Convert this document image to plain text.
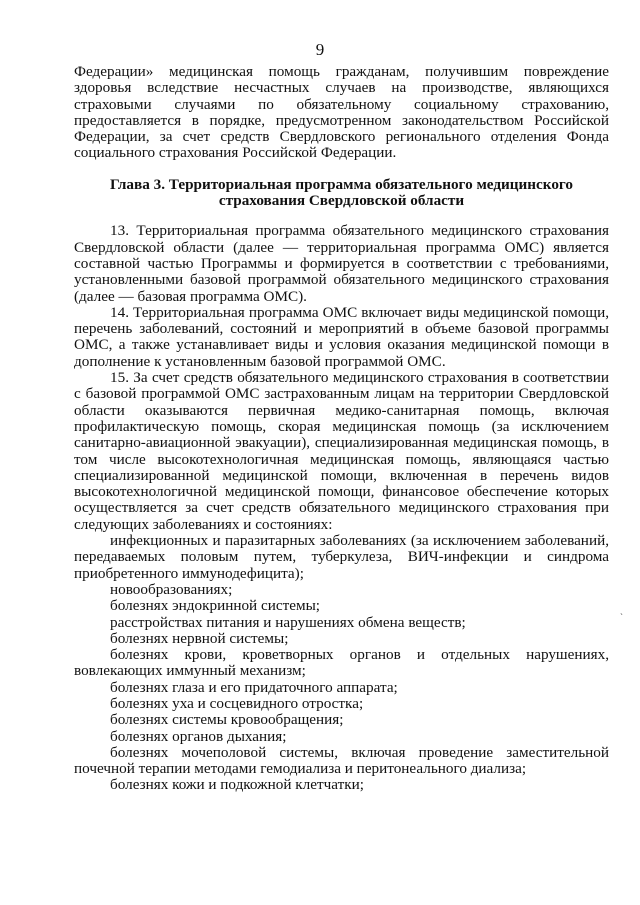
9

Федерации» медицинская помощь гражданам, получившим повреждение здоровья вследствие несчастных случаев на производстве, являющихся страховыми случаями по обязательному социальному страхованию, предоставляется в порядке, предусмотренном законодательством Российской Федерации, за счет средств Свердловского регионального отделения Фонда социального страхования Российской Федерации.

Глава 3. Территориальная программа обязательного медицинского
страхования Свердловской области

13. Территориальная программа обязательного медицинского страхования Свердловской области (далее — территориальная программа ОМС) является составной частью Программы и формируется в соответствии с требованиями, установленными базовой программой обязательного медицинского страхования (далее — базовая программа ОМС).

14. Территориальная программа ОМС включает виды медицинской помощи, перечень заболеваний, состояний и мероприятий в объеме базовой программы ОМС, а также устанавливает виды и условия оказания медицинской помощи в дополнение к установленным базовой программой ОМС.

15. За счет средств обязательного медицинского страхования в соответствии с базовой программой ОМС застрахованным лицам на территории Свердловской области оказываются первичная медико-санитарная помощь, включая профилактическую помощь, скорая медицинская помощь (за исключением санитарно-авиационной эвакуации), специализированная медицинская помощь, в том числе высокотехнологичная медицинская помощь, являющаяся частью специализированной медицинской помощи, включенная в перечень видов высокотехнологичной медицинской помощи, финансовое обеспечение которых осуществляется за счет средств обязательного медицинского страхования при следующих заболеваниях и состояниях:

инфекционных и паразитарных заболеваниях (за исключением заболеваний, передаваемых половым путем, туберкулеза, ВИЧ-инфекции и синдрома приобретенного иммунодефицита);

новообразованиях;

болезнях эндокринной системы;

расстройствах питания и нарушениях обмена веществ;

болезнях нервной системы;

болезнях крови, кроветворных органов и отдельных нарушениях, вовлекающих иммунный механизм;

болезнях глаза и его придаточного аппарата;

болезнях уха и сосцевидного отростка;

болезнях системы кровообращения;

болезнях органов дыхания;

болезнях мочеполовой системы, включая проведение заместительной почечной терапии методами гемодиализа и перитонеального диализа;

болезнях кожи и подкожной клетчатки;

ˏ
